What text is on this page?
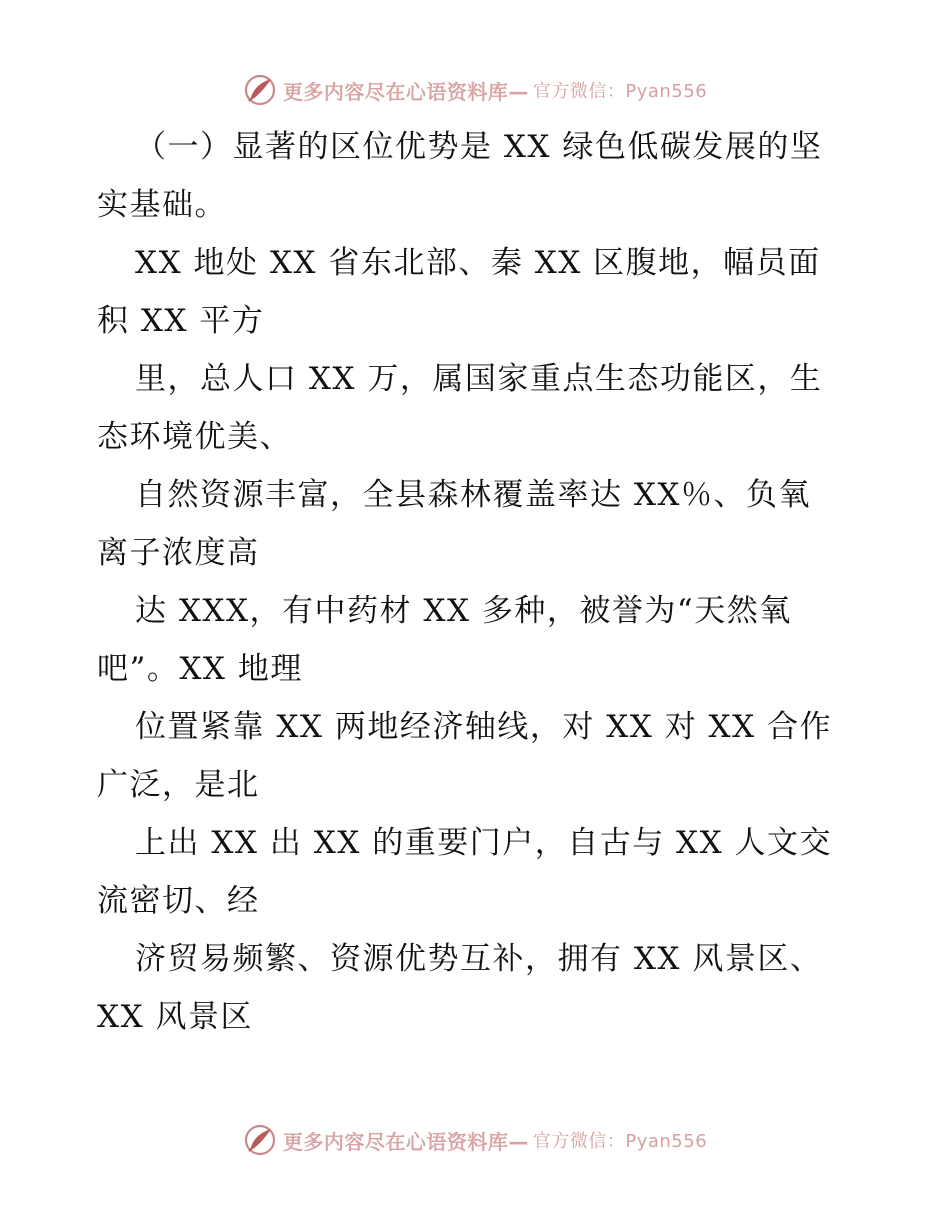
更多内容尽在心语资料库— 官方微信：Pyan556
（一）显著的区位优势是 XX 绿色低碳发展的坚
实基础。
XX 地处 XX 省东北部、秦 XX 区腹地，幅员面
积 XX 平方
里，总人口 XX 万，属国家重点生态功能区，生
态环境优美、
自然资源丰富，全县森林覆盖率达 XX％、负氧
离子浓度高
达 XXX，有中药材 XX 多种，被誉为“天然氧
吧”。XX 地理
位置紧靠 XX 两地经济轴线，对 XX 对 XX 合作
广泛，是北
上出 XX 出 XX 的重要门户，自古与 XX 人文交
流密切、经
济贸易频繁、资源优势互补，拥有 XX 风景区、
XX 风景区
更多内容尽在心语资料库— 官方微信：Pyan556
